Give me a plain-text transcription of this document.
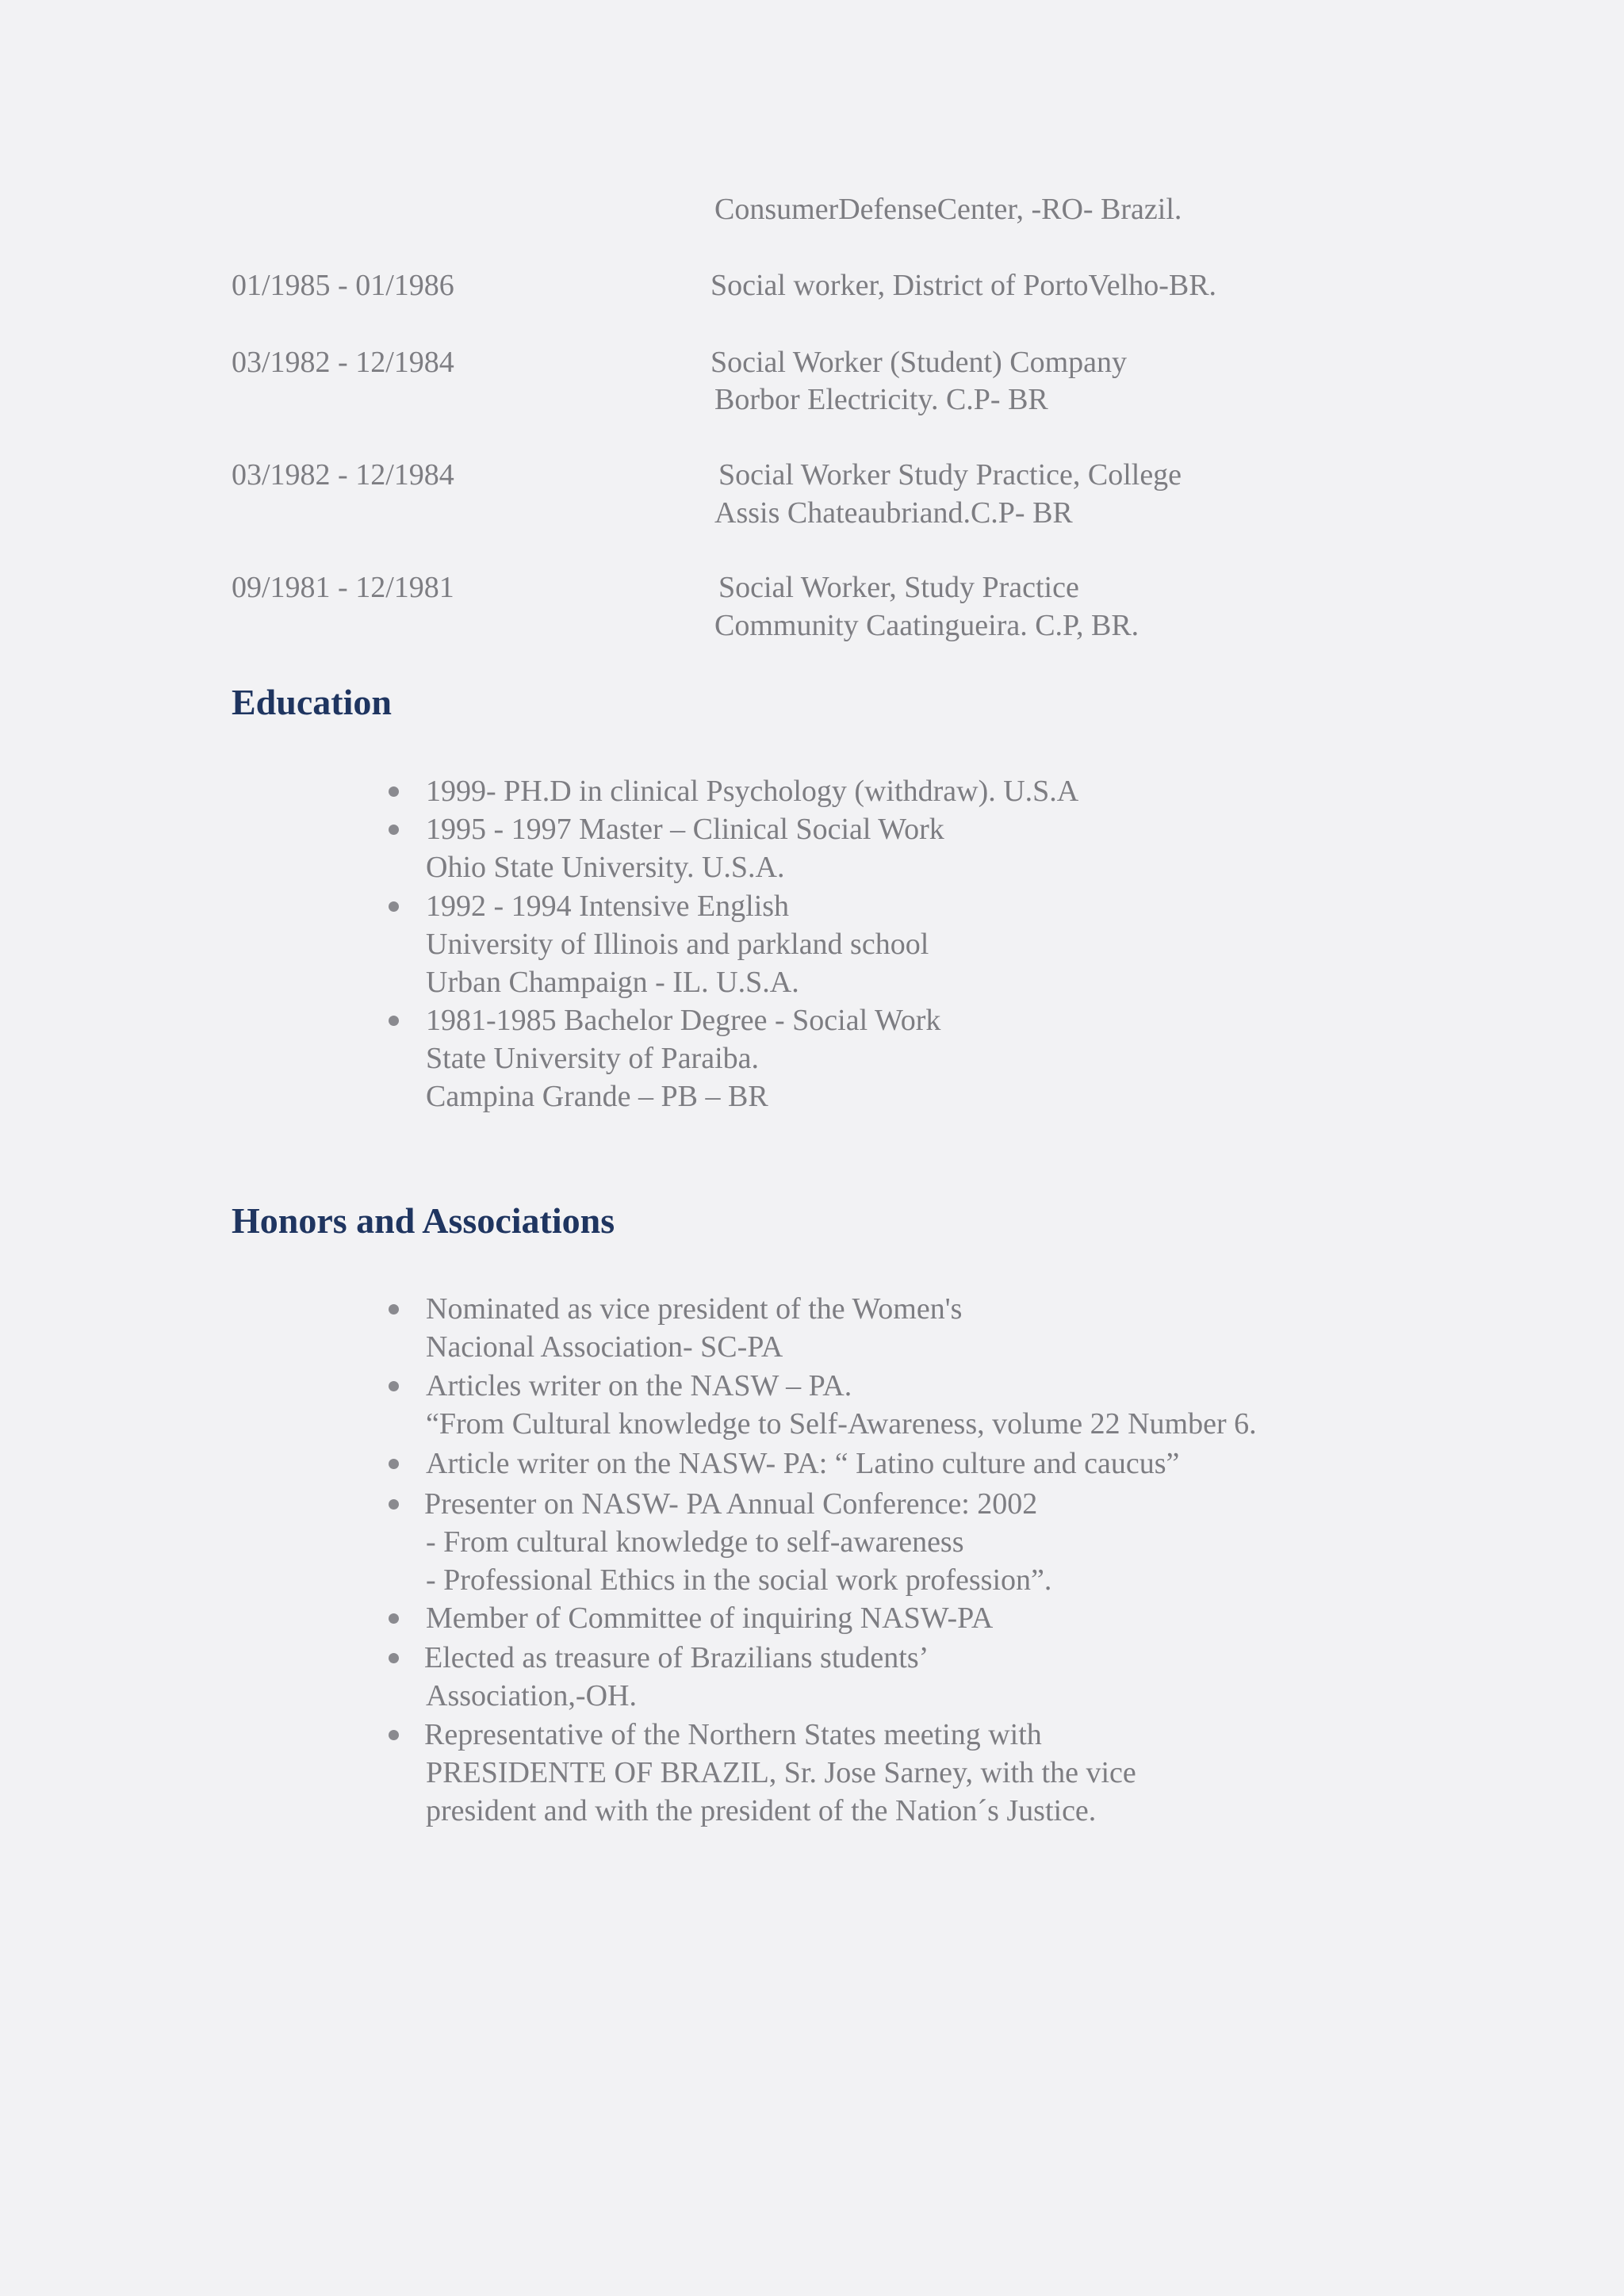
ConsumerDefenseCenter, -RO- Brazil.
01/1985 - 01/1986	Social worker, District of PortoVelho-BR.
03/1982 - 12/1984	Social Worker (Student) Company
Borbor Electricity. C.P- BR
03/1982 - 12/1984	Social Worker Study Practice, College
Assis Chateaubriand.C.P- BR
09/1981 - 12/1981	Social Worker, Study Practice
Community Caatingueira. C.P, BR.
Education
1999- PH.D in clinical Psychology (withdraw). U.S.A
1995 - 1997 Master – Clinical Social Work
Ohio State University. U.S.A.
1992 - 1994 Intensive English
University of Illinois and parkland school
Urban Champaign - IL. U.S.A.
1981-1985 Bachelor Degree - Social Work
State University of Paraiba.
Campina Grande – PB – BR
Honors and Associations
Nominated as vice president of the Women's
Nacional Association- SC-PA
Articles writer on the NASW – PA.
“From Cultural knowledge to Self-Awareness, volume 22 Number 6.
Article writer on the NASW- PA: “ Latino culture and caucus”
Presenter on NASW- PA Annual Conference: 2002
- From cultural knowledge to self-awareness
- Professional Ethics in the social work profession”.
Member of Committee of inquiring NASW-PA
Elected as treasure of Brazilians students’
Association,-OH.
Representative of the Northern States meeting with
PRESIDENTE OF BRAZIL, Sr. Jose Sarney, with the vice
president and with the president of the Nation´s Justice.
